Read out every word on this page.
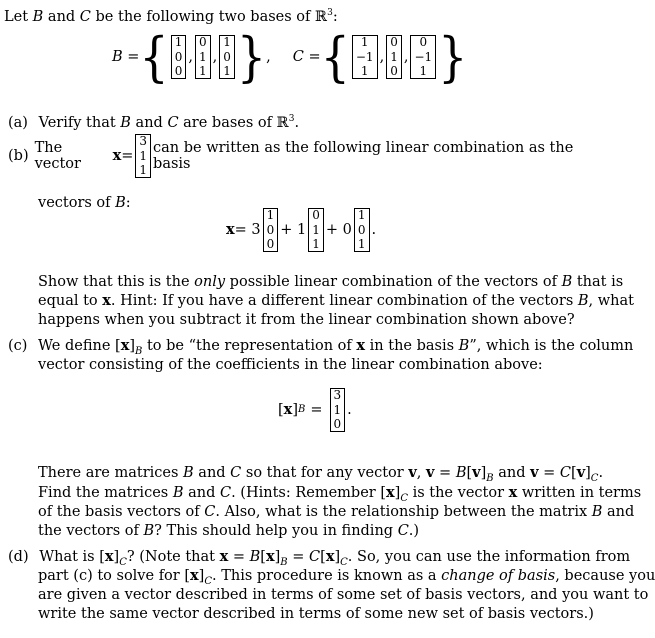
Let B and C be the following two bases of ℝ$^3$:
B = { 1
0
0
,
0
1
1
,
1
0
1 } , C = { 1
−1
1
,
0
1
0
,
0
−1
1 }
(a) Verify that B and C are bases of ℝ$^3$.
(b) The vector	x =
3
1
1
can be written as the following linear combination as the basis
vectors of B:
x = 3
1
0
0
+ 1
0
1
1
+ 0
1
0
1
.
Show that this is the only possible linear combination of the vectors of B that is
equal to x. Hint: If you have a different linear combination of the vectors B, what
happens when you subtract it from the linear combination shown above?
(c) We define $[x]_B$ to be “the representation of x in the basis B”, which is the column
vector consisting of the coefficients in the linear combination above:
[ x ] B =
3
1
0
.
There are matrices B and C so that for any vector v, $v = B[v]_B$ and $v = C[v]_C$.
Find the matrices B and C. (Hints: Remember $[x]_C$ is the vector x written in terms
of the basis vectors of C. Also, what is the relationship between the matrix B and
the vectors of B? This should help you in finding C.)
(d) What is $[x]_C$? (Note that $x = B[x]_B = C[x]_C$. So, you can use the information from
part (c) to solve for $[x]_C$. This procedure is known as a change of basis, because you
are given a vector described in terms of some set of basis vectors, and you want to
write the same vector described in terms of some new set of basis vectors.)
